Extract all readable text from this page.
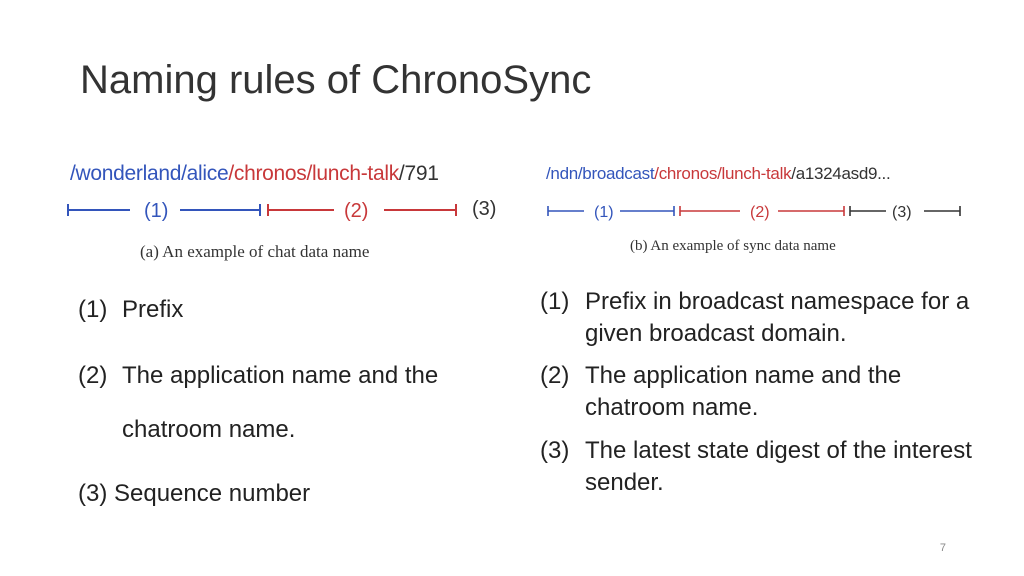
Naming rules of ChronoSync
/wonderland/alice/chronos/lunch-talk/791
(1)	(2)	(3)
(a) An example of chat data name
/ndn/broadcast/chronos/lunch-talk/a1324asd9...
(1)	(2)	(3)
(b) An example of sync data name
(1) Prefix
(2) The application name and the
chatroom name.
(3) Sequence number
(1) Prefix in broadcast namespace for a given broadcast domain.
(2) The application name and the chatroom name.
(3) The latest state digest of the interest sender.
7
